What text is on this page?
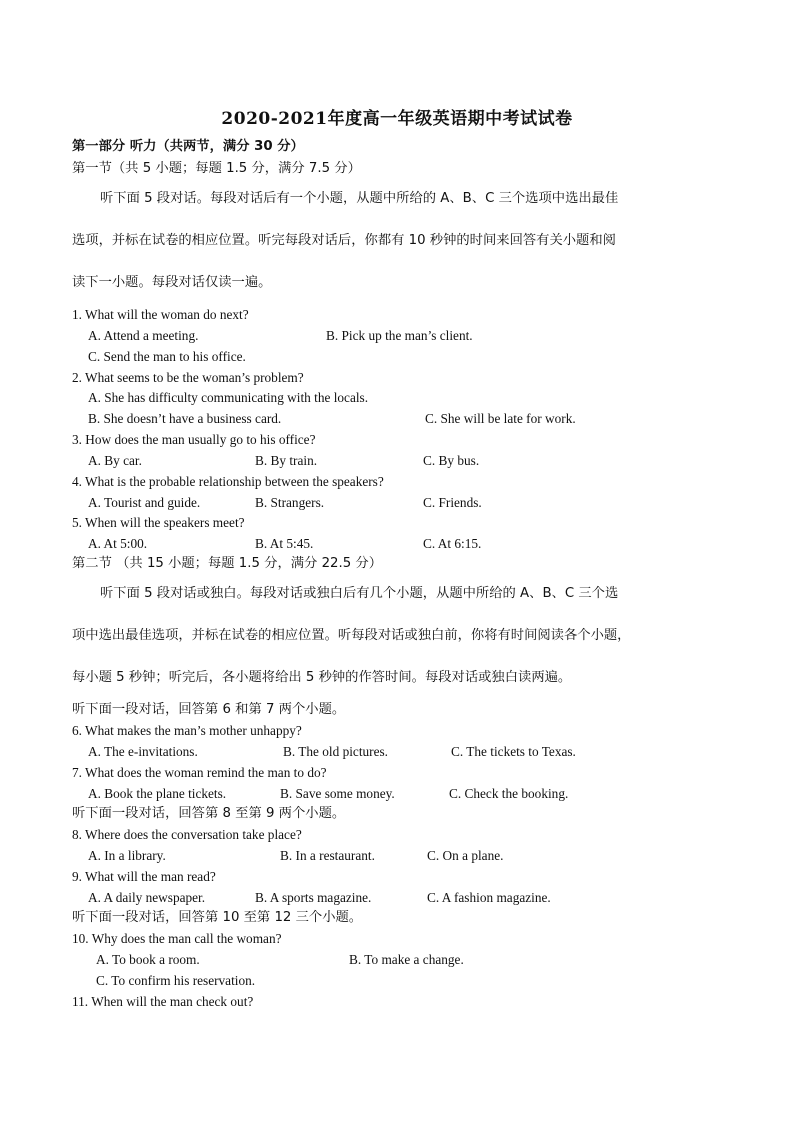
2020-2021年度高一年级英语期中考试试卷
第一部分 听力（共两节，满分 30 分）
第一节（共 5 小题；每题 1.5 分，满分 7.5 分）
听下面 5 段对话。每段对话后有一个小题，从题中所给的 A、B、C 三个选项中选出最佳
选项，并标在试卷的相应位置。听完每段对话后，你都有 10 秒钟的时间来回答有关小题和阅
读下一小题。每段对话仅读一遍。
1. What will the woman do next?
A. Attend a meeting.	B. Pick up the man’s client.
C. Send the man to his office.
2. What seems to be the woman’s problem?
A. She has difficulty communicating with the locals.
B. She doesn’t have a business card.	C. She will be late for work.
3. How does the man usually go to his office?
A. By car.	B. By train.	C. By bus.
4. What is the probable relationship between the speakers?
A. Tourist and guide.	B. Strangers.	C. Friends.
5. When will the speakers meet?
A. At 5:00.	B. At 5:45.	C. At 6:15.
第二节 （共 15 小题；每题 1.5 分，满分 22.5 分）
听下面 5 段对话或独白。每段对话或独白后有几个小题，从题中所给的 A、B、C 三个选
项中选出最佳选项，并标在试卷的相应位置。听每段对话或独白前，你将有时间阅读各个小题，
每小题 5 秒钟；听完后，各小题将给出 5 秒钟的作答时间。每段对话或独白读两遍。
听下面一段对话，回答第 6 和第 7 两个小题。
6. What makes the man’s mother unhappy?
A. The e-invitations.	B. The old pictures.	C. The tickets to Texas.
7. What does the woman remind the man to do?
A. Book the plane tickets.	B. Save some money.	C. Check the booking.
听下面一段对话，回答第 8 至第 9 两个小题。
8. Where does the conversation take place?
A. In a library.	B. In a restaurant.	C. On a plane.
9. What will the man read?
A. A daily newspaper.	B. A sports magazine.	C. A fashion magazine.
听下面一段对话，回答第 10 至第 12 三个小题。
10. Why does the man call the woman?
A. To book a room.	B. To make a change.
C. To confirm his reservation.
11. When will the man check out?
